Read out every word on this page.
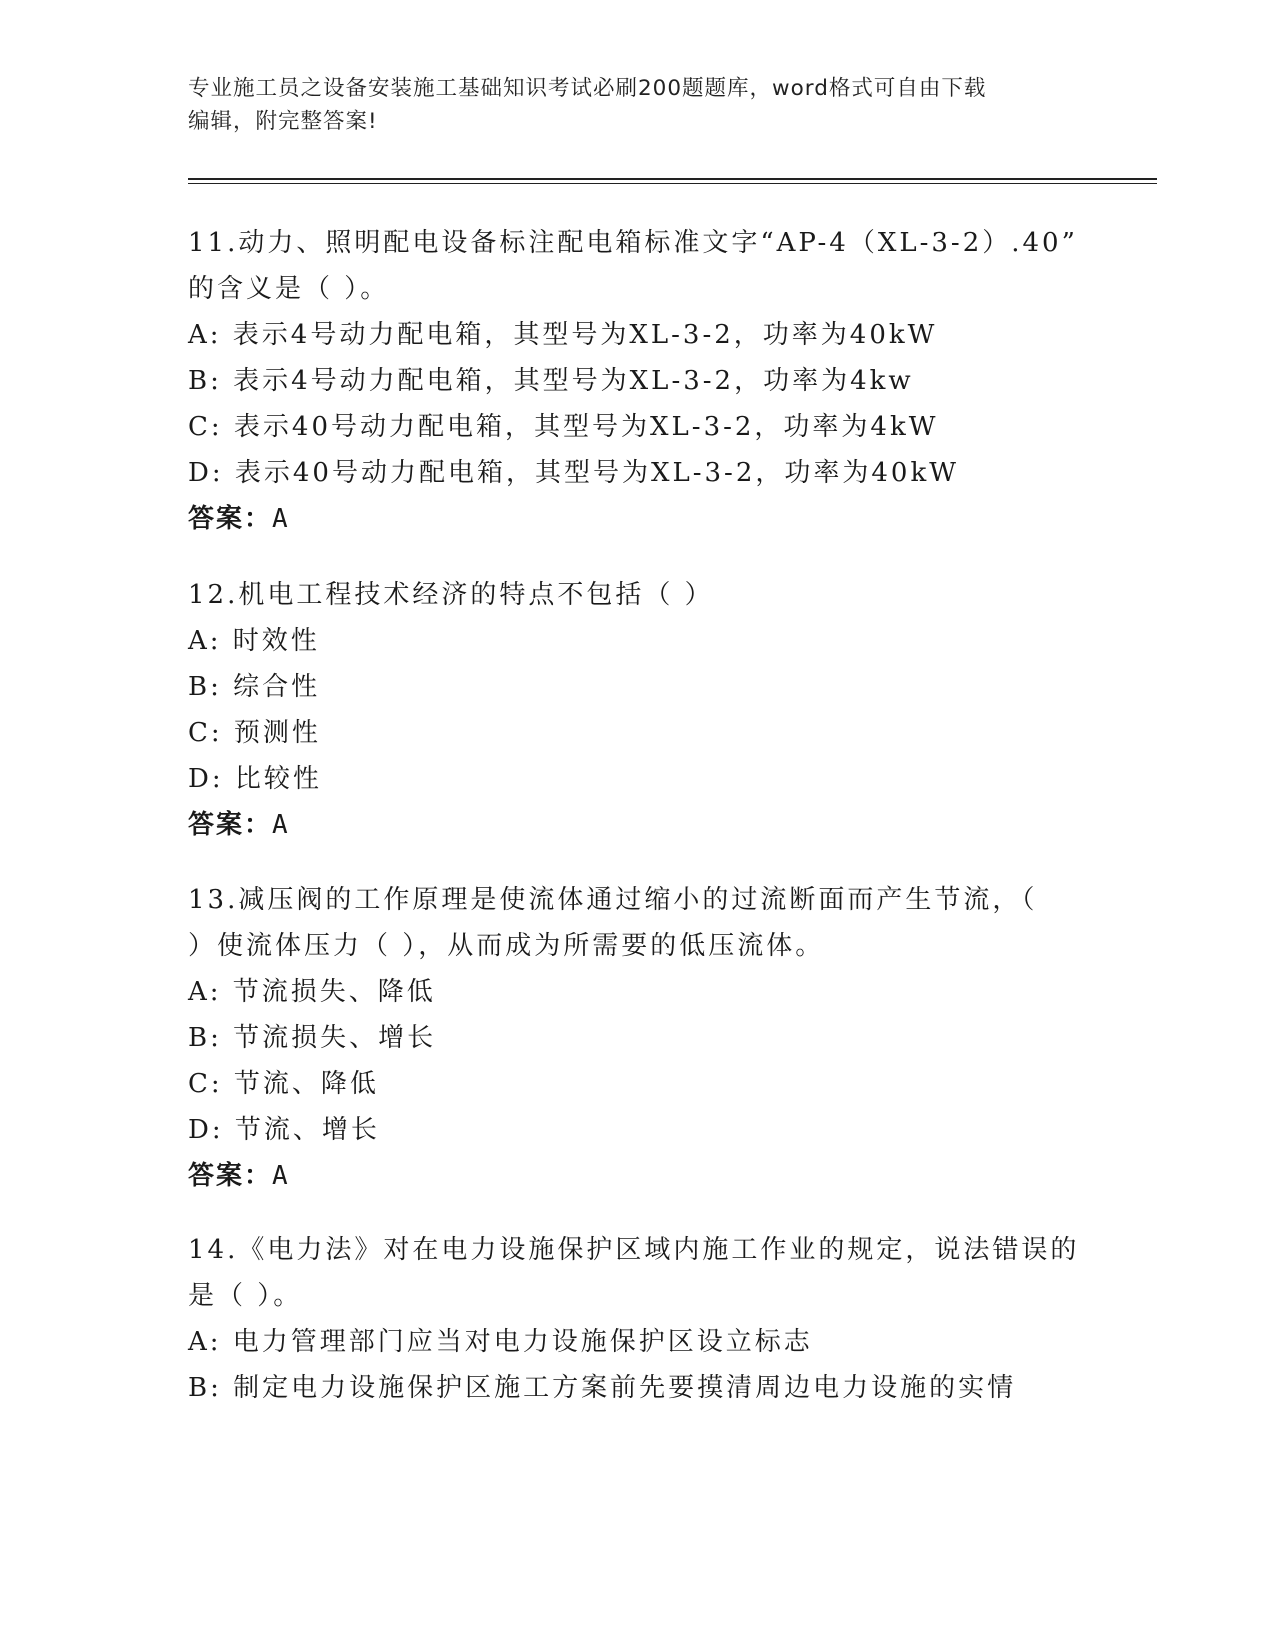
专业施工员之设备安装施工基础知识考试必刷200题题库，word格式可自由下载
编辑，附完整答案!

11.动力、照明配电设备标注配电箱标准文字“AP-4（XL-3-2）.40”

的含义是（ ）。

A: 表示4号动力配电箱，其型号为XL-3-2，功率为40kW

B: 表示4号动力配电箱，其型号为XL-3-2，功率为4kw

C: 表示40号动力配电箱，其型号为XL-3-2，功率为4kW

D: 表示40号动力配电箱，其型号为XL-3-2，功率为40kW

答案：A

12.机电工程技术经济的特点不包括（ ）

A: 时效性

B: 综合性

C: 预测性

D: 比较性

答案：A

13.减压阀的工作原理是使流体通过缩小的过流断面而产生节流，（

）使流体压力（ ），从而成为所需要的低压流体。

A: 节流损失、降低

B: 节流损失、增长

C: 节流、降低

D: 节流、增长

答案：A

14.《电力法》对在电力设施保护区域内施工作业的规定，说法错误的

是（ ）。

A: 电力管理部门应当对电力设施保护区设立标志

B: 制定电力设施保护区施工方案前先要摸清周边电力设施的实情
